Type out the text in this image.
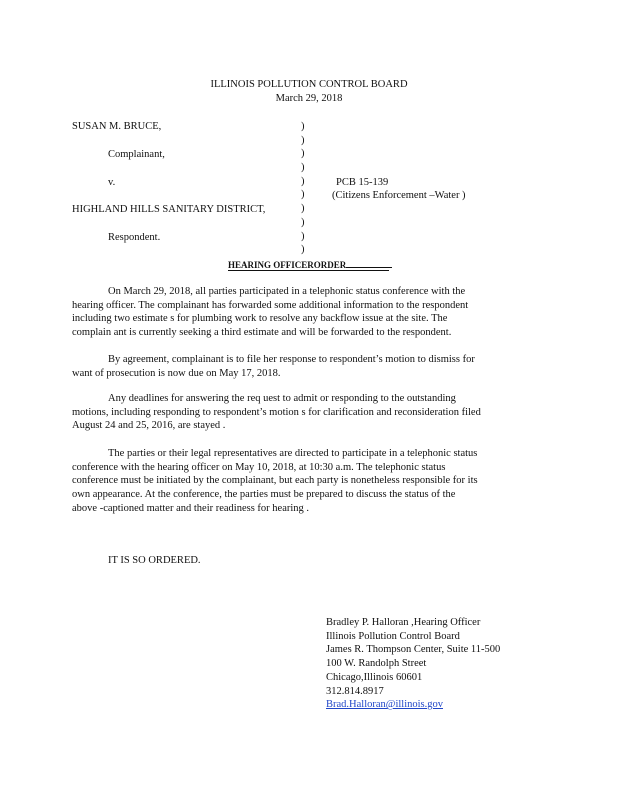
ILLINOIS POLLUTION CONTROL BOARD
March 29, 2018
SUSAN M. BRUCE,
Complainant,
v.
HIGHLAND HILLS SANITARY DISTRICT,
Respondent.
)
)
)
)
)
)
)
)
)
)
PCB 15-139
(Citizens Enforcement –Water )
HEARING OFFICERORDER
On March 29, 2018, all parties participated in a telephonic status conference with the
hearing officer. The complainant has forwarded some additional information to the respondent
including two estimate s for plumbing work to resolve any backflow issue at the site. The
complain ant is currently seeking a third estimate and will be forwarded to the respondent.
By agreement, complainant is to file her response to respondent’s motion to dismiss for
want of prosecution is now due on May 17, 2018.
Any deadlines for answering the req uest to admit or responding to the outstanding
motions, including responding to respondent’s motion s for clarification and reconsideration filed
August 24 and 25, 2016, are stayed .
The parties or their legal representatives are directed to participate in a telephonic status
conference with the hearing officer on May 10, 2018, at 10:30 a.m. The telephonic status
conference must be initiated by the complainant, but each party is nonetheless responsible for its
own appearance. At the conference, the parties must be prepared to discuss the status of the
above -captioned matter and their readiness for hearing .
IT IS SO ORDERED.
Bradley P. Halloran ,Hearing Officer
Illinois Pollution Control Board
James R. Thompson Center, Suite 11-500
100 W. Randolph Street
Chicago,Illinois 60601
312.814.8917
Brad.Halloran@illinois.gov
